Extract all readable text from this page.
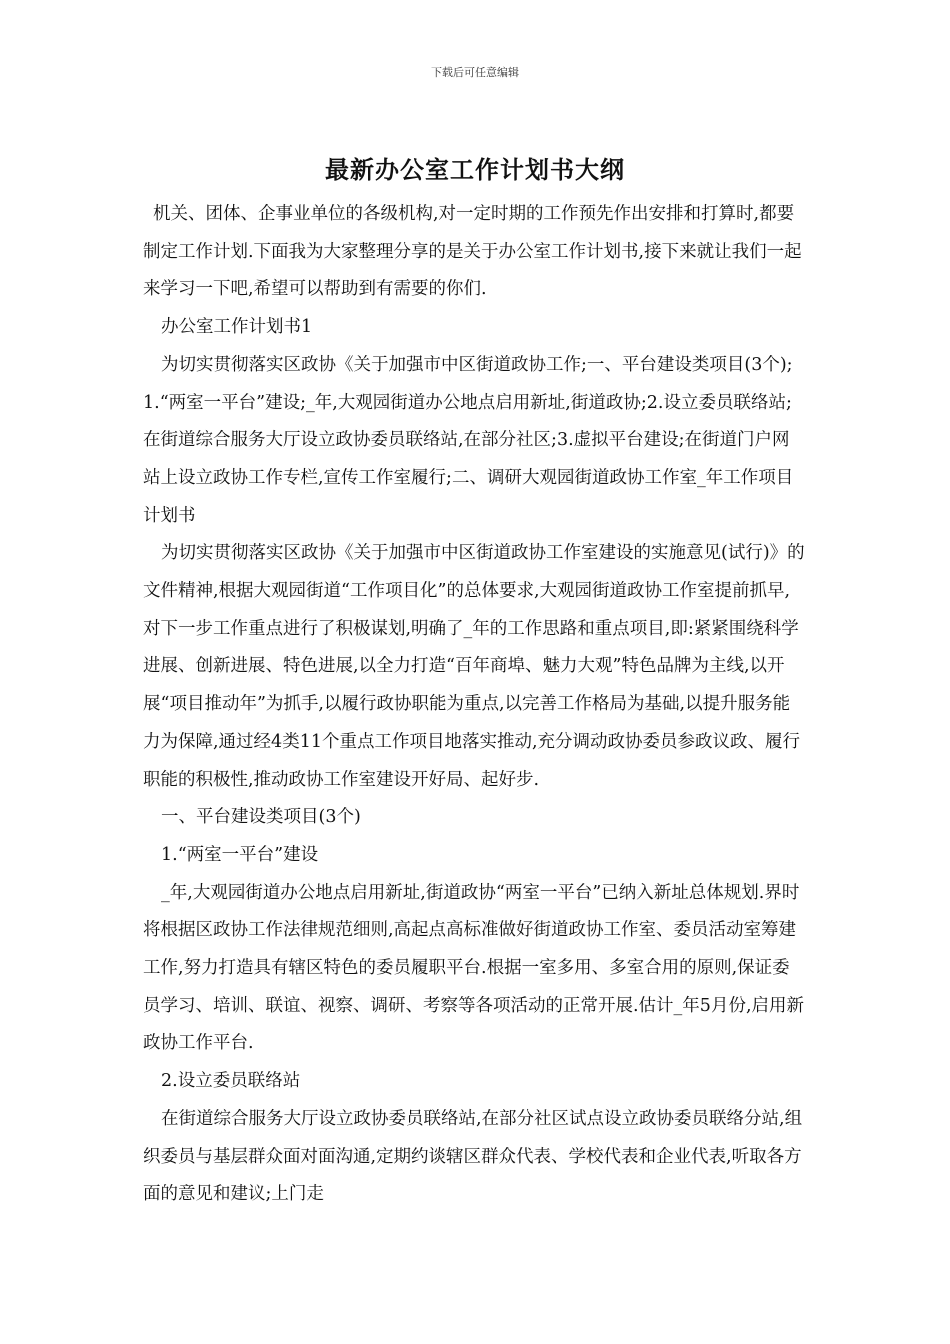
下载后可任意编辑
最新办公室工作计划书大纲

机关、团体、企事业单位的各级机构,对一定时期的工作预先作出安排和打算时,都要制定工作计划.下面我为大家整理分享的是关于办公室工作计划书,接下来就让我们一起来学习一下吧,希望可以帮助到有需要的你们.

办公室工作计划书1

为切实贯彻落实区政协《关于加强市中区街道政协工作;一、平台建设类项目(3个);1.“两室一平台”建设;_年,大观园街道办公地点启用新址,街道政协;2.设立委员联络站;在街道综合服务大厅设立政协委员联络站,在部分社区;3.虚拟平台建设;在街道门户网站上设立政协工作专栏,宣传工作室履行;二、调研大观园街道政协工作室_年工作项目计划书

为切实贯彻落实区政协《关于加强市中区街道政协工作室建设的实施意见(试行)》的文件精神,根据大观园街道“工作项目化”的总体要求,大观园街道政协工作室提前抓早,对下一步工作重点进行了积极谋划,明确了_年的工作思路和重点项目,即:紧紧围绕科学进展、创新进展、特色进展,以全力打造“百年商埠、魅力大观”特色品牌为主线,以开展“项目推动年”为抓手,以履行政协职能为重点,以完善工作格局为基础,以提升服务能力为保障,通过经4类11个重点工作项目地落实推动,充分调动政协委员参政议政、履行职能的积极性,推动政协工作室建设开好局、起好步.

一、平台建设类项目(3个)

1.“两室一平台”建设

_年,大观园街道办公地点启用新址,街道政协“两室一平台”已纳入新址总体规划.界时将根据区政协工作法律规范细则,高起点高标准做好街道政协工作室、委员活动室筹建工作,努力打造具有辖区特色的委员履职平台.根据一室多用、多室合用的原则,保证委员学习、培训、联谊、视察、调研、考察等各项活动的正常开展.估计_年5月份,启用新政协工作平台.

2.设立委员联络站

在街道综合服务大厅设立政协委员联络站,在部分社区试点设立政协委员联络分站,组织委员与基层群众面对面沟通,定期约谈辖区群众代表、学校代表和企业代表,听取各方面的意见和建议;上门走
